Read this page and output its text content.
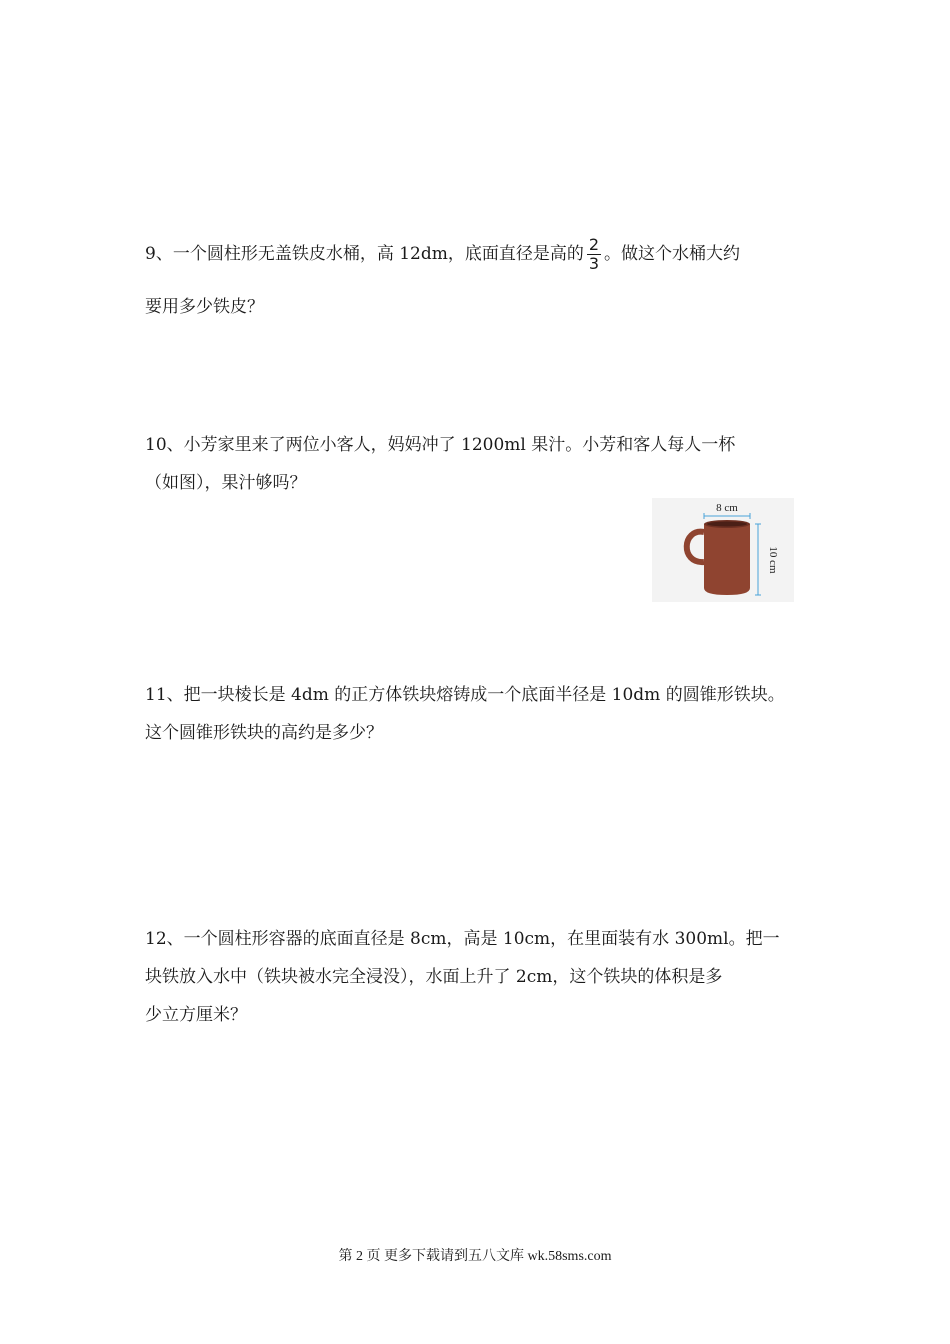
9、一个圆柱形无盖铁皮水桶，高 12dm，底面直径是高的 $\frac{2}{3}$ 。做这个水桶大约
要用多少铁皮？
10、小芳家里来了两位小客人，妈妈冲了 1200ml 果汁。小芳和客人每人一杯
（如图），果汁够吗？
8 cm
10 cm
11、把一块棱长是 4dm 的正方体铁块熔铸成一个底面半径是 10dm 的圆锥形铁块。
这个圆锥形铁块的高约是多少？
12、一个圆柱形容器的底面直径是 8cm，高是 10cm，在里面装有水 300ml。把一
块铁放入水中（铁块被水完全浸没），水面上升了 2cm，这个铁块的体积是多
少立方厘米？
第 2 页 更多下载请到五八文库 wk.58sms.com
